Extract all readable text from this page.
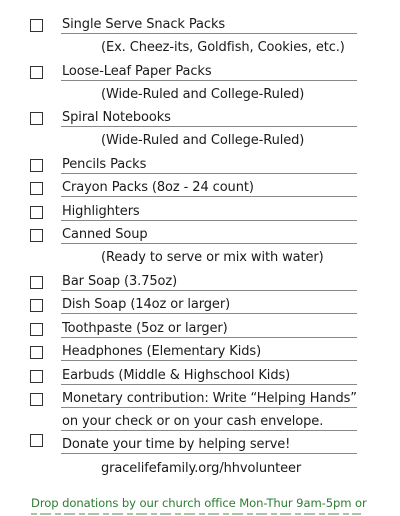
Single Serve Snack Packs
(Ex. Cheez-its, Goldfish, Cookies, etc.)
Loose-Leaf Paper Packs
(Wide-Ruled and College-Ruled)
Spiral Notebooks
(Wide-Ruled and College-Ruled)
Pencils Packs
Crayon Packs (8oz - 24 count)
Highlighters
Canned Soup
(Ready to serve or mix with water)
Bar Soap (3.75oz)
Dish Soap (14oz or larger)
Toothpaste (5oz or larger)
Headphones (Elementary Kids)
Earbuds (Middle & Highschool Kids)
Monetary contribution: Write “Helping Hands”
on your check or on your cash envelope.
Donate your time by helping serve!
gracelifefamily.org/hhvolunteer
Drop donations by our church office Mon-Thur 9am-5pm or
